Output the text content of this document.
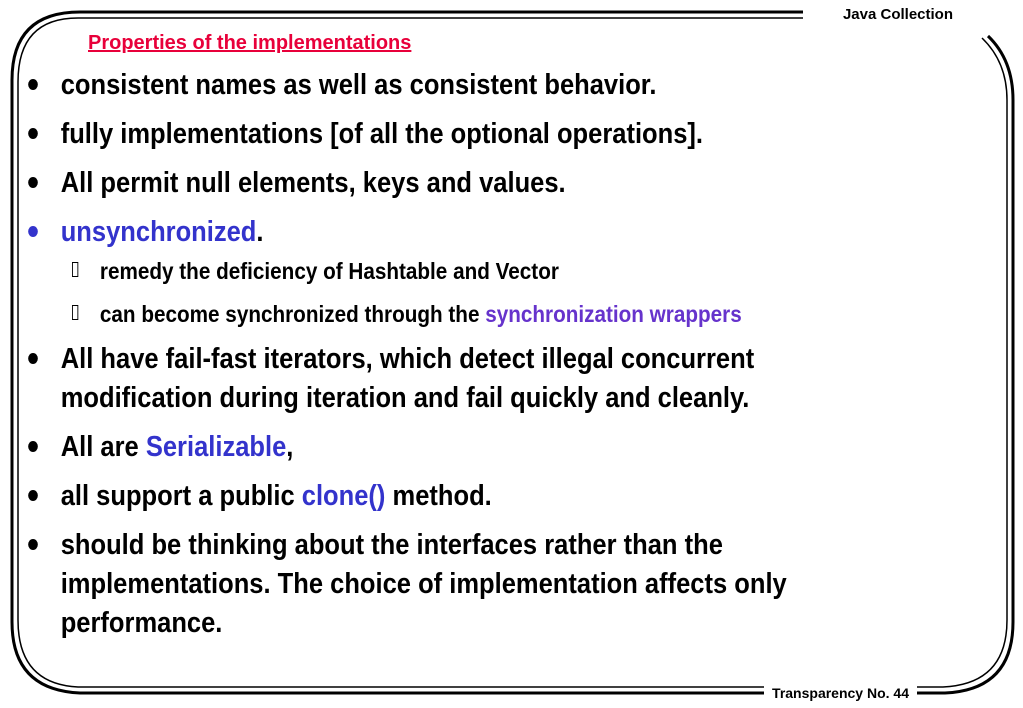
Java Collection
Properties of the implementations
consistent names as well as consistent behavior.
fully implementations [of all the optional operations].
All permit null elements, keys and values.
unsynchronized.
remedy the deficiency of Hashtable and Vector
can become synchronized through the synchronization wrappers
All have fail-fast iterators, which detect illegal concurrent
modification during iteration and fail quickly and cleanly.
All are Serializable,
all support a public clone() method.
should be thinking about the interfaces rather than the
implementations. The choice of implementation affects only
performance.
Transparency No. 44
